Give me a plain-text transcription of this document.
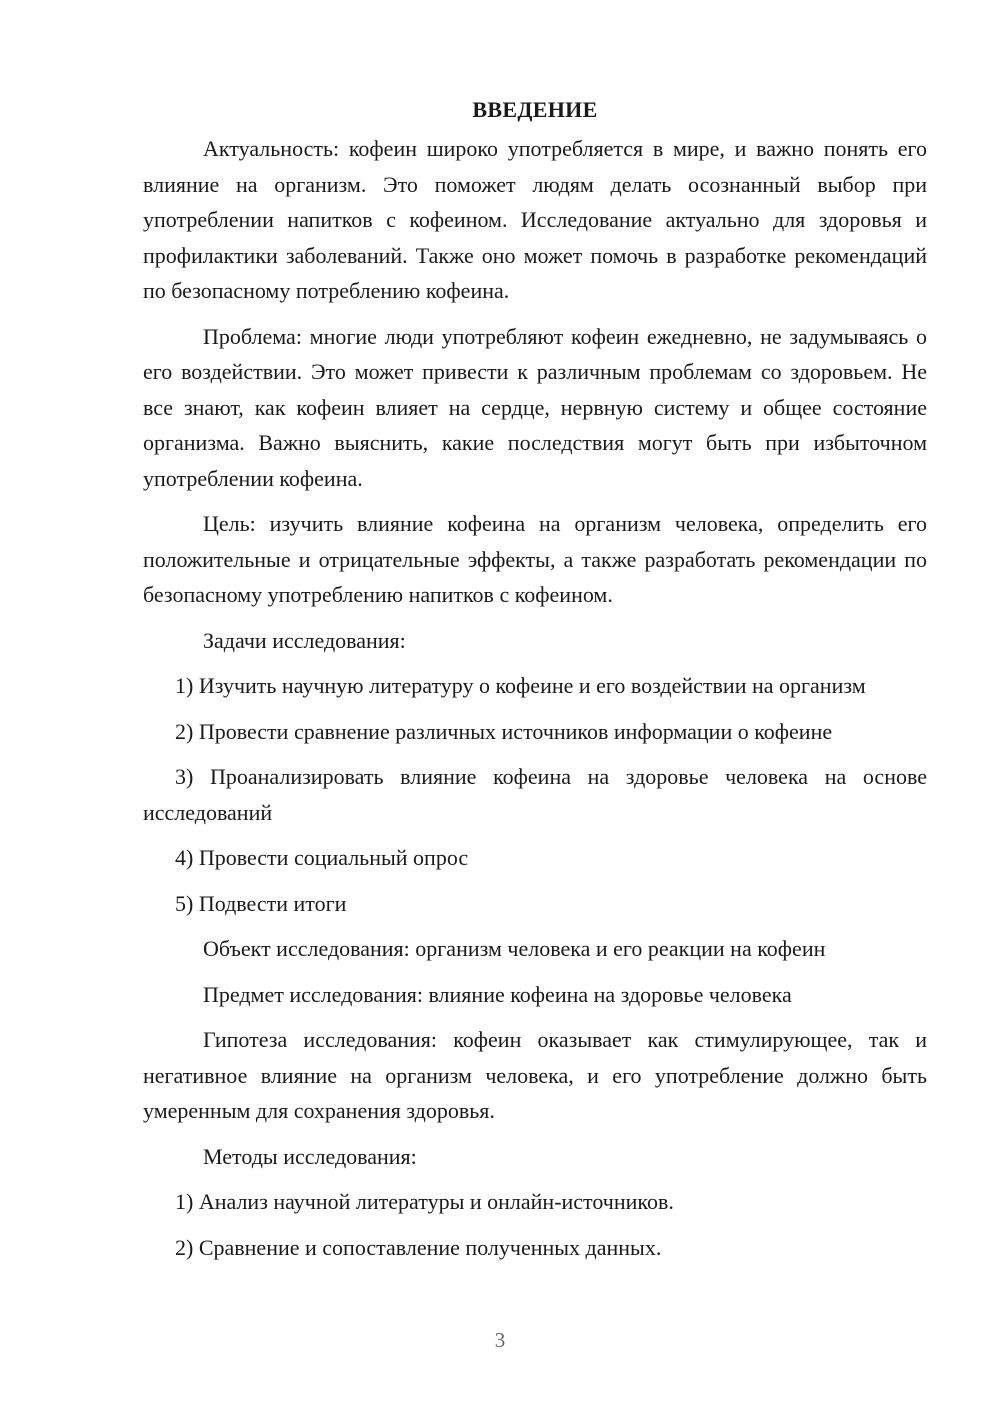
ВВЕДЕНИЕ
Актуальность: кофеин широко употребляется в мире, и важно понять его влияние на организм. Это поможет людям делать осознанный выбор при употреблении напитков с кофеином. Исследование актуально для здоровья и профилактики заболеваний. Также оно может помочь в разработке рекомендаций по безопасному потреблению кофеина.
Проблема: многие люди употребляют кофеин ежедневно, не задумываясь о его воздействии. Это может привести к различным проблемам со здоровьем. Не все знают, как кофеин влияет на сердце, нервную систему и общее состояние организма. Важно выяснить, какие последствия могут быть при избыточном употреблении кофеина.
Цель: изучить влияние кофеина на организм человека, определить его положительные и отрицательные эффекты, а также разработать рекомендации по безопасному употреблению напитков с кофеином.
Задачи исследования:
1) Изучить научную литературу о кофеине и его воздействии на организм
2) Провести сравнение различных источников информации о кофеине
3) Проанализировать влияние кофеина на здоровье человека на основе исследований
4) Провести социальный опрос
5) Подвести итоги
Объект исследования: организм человека и его реакции на кофеин
Предмет исследования: влияние кофеина на здоровье человека
Гипотеза исследования: кофеин оказывает как стимулирующее, так и негативное влияние на организм человека, и его употребление должно быть умеренным для сохранения здоровья.
Методы исследования:
1) Анализ научной литературы и онлайн-источников.
2) Сравнение и сопоставление полученных данных.
3
